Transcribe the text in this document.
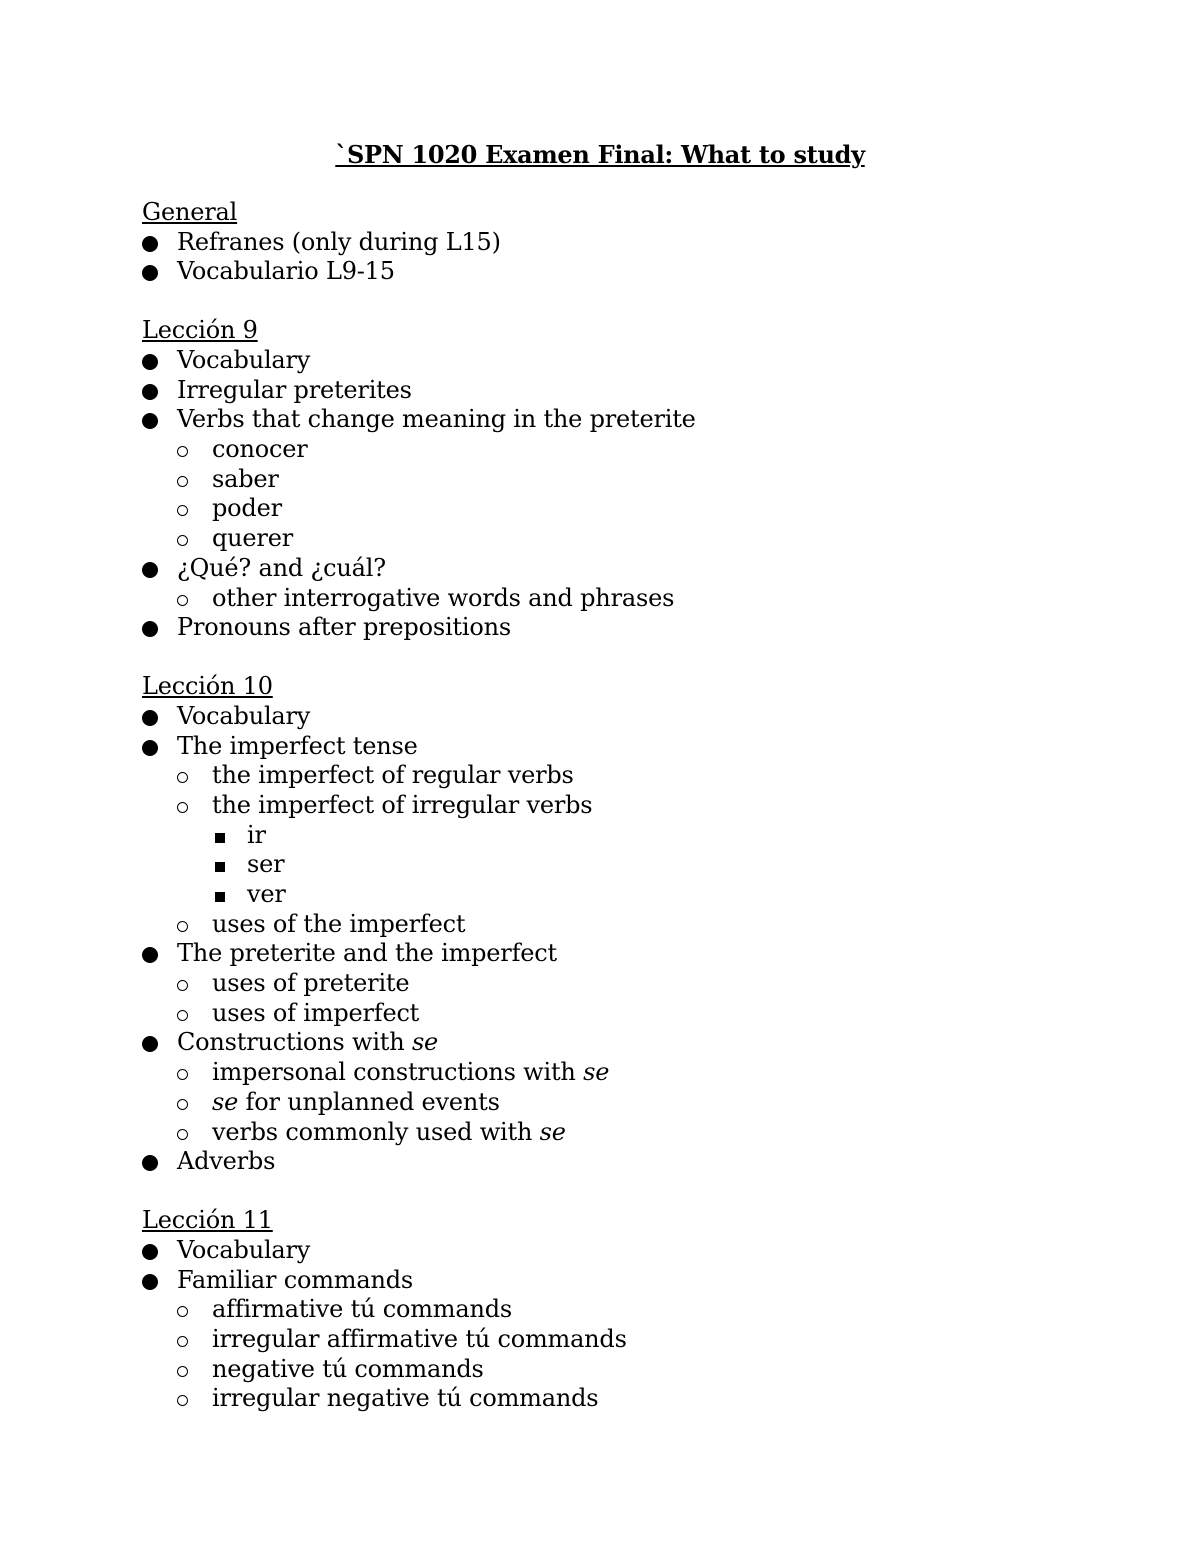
`SPN 1020 Examen Final: What to study
General
Refranes (only during L15)
Vocabulario L9-15
Lección 9
Vocabulary
Irregular preterites
Verbs that change meaning in the preterite
conocer
saber
poder
querer
¿Qué? and ¿cuál?
other interrogative words and phrases
Pronouns after prepositions
Lección 10
Vocabulary
The imperfect tense
the imperfect of regular verbs
the imperfect of irregular verbs
ir
ser
ver
uses of the imperfect
The preterite and the imperfect
uses of preterite
uses of imperfect
Constructions with se
impersonal constructions with se
se for unplanned events
verbs commonly used with se
Adverbs
Lección 11
Vocabulary
Familiar commands
affirmative tú commands
irregular affirmative tú commands
negative tú commands
irregular negative tú commands
